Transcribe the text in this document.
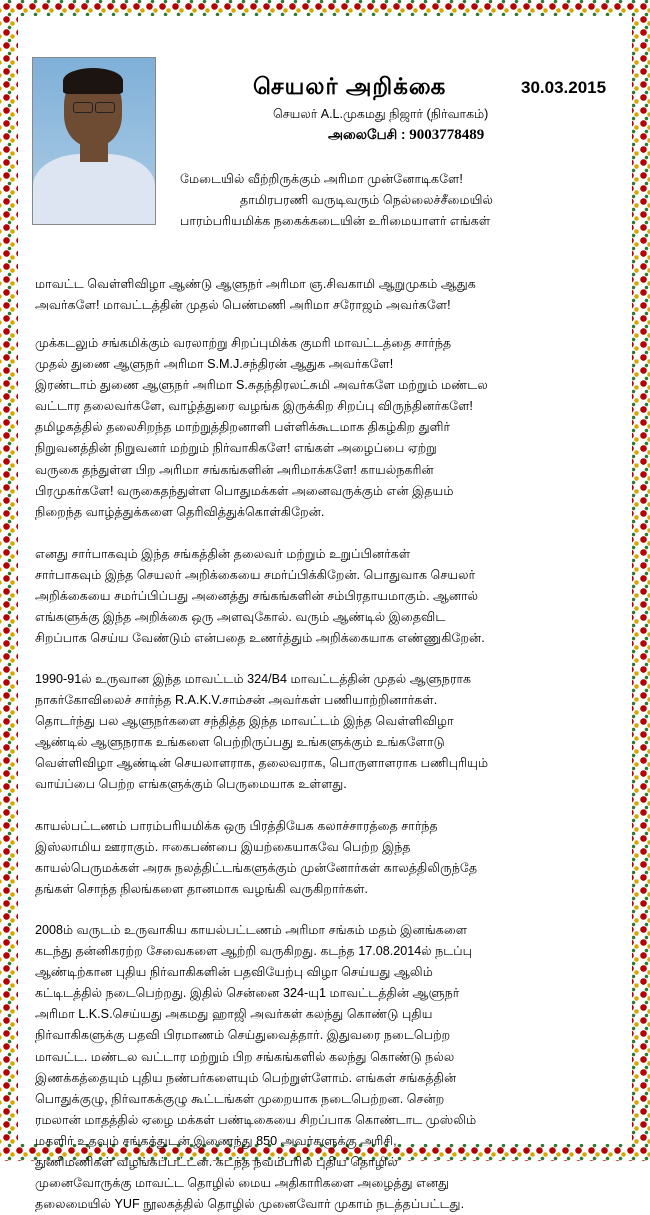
செயலர் அறிக்கை	30.03.2015
செயலர் A.L.முகமது நிஜார் (நிர்வாகம்)
அலைபேசி : 9003778489
மேடையில் வீற்றிருக்கும் அரிமா முன்னோடிகளே!
தாமிரபரணி வருடிவரும் நெல்லைச்சீமையில்
பாரம்பரியமிக்க நகைக்கடையின் உரிமையாளர் எங்கள்
மாவட்ட வெள்ளிவிழா ஆண்டு ஆளுநர் அரிமா ஞ.சிவகாமி ஆறுமுகம் ஆதுக
அவர்களே! மாவட்டத்தின் முதல் பெண்மணி அரிமா சரோஜம் அவர்களே!
முக்கடலும் சங்கமிக்கும் வரலாற்று சிறப்புமிக்க குமரி மாவட்டத்தை சார்ந்த
முதல் துணை ஆளுநர் அரிமா S.M.J.சந்திரன் ஆதுக அவர்களே!
இரண்டாம் துணை ஆளுநர் அரிமா S.சுதந்திரலட்சுமி அவர்களே மற்றும் மண்டல
வட்டார தலைவர்களே, வாழ்த்துரை வழங்க இருக்கிற சிறப்பு விருந்தினர்களே!
தமிழகத்தில் தலைசிறந்த மாற்றுத்திறனாளி பள்ளிக்கூடமாக திகழ்கிற துளிர்
நிறுவனத்தின் நிறுவனர் மற்றும் நிர்வாகிகளே! எங்கள் அழைப்பை ஏற்று
வருகை தந்துள்ள பிற அரிமா சங்கங்களின் அரிமாக்களே! காயல்நகரின்
பிரமுகர்களே! வருகைதந்துள்ள பொதுமக்கள் அனைவருக்கும் என் இதயம்
நிறைந்த வாழ்த்துக்களை தெரிவித்துக்கொள்கிறேன்.
எனது சார்பாகவும் இந்த சங்கத்தின் தலைவர் மற்றும் உறுப்பினர்கள்
சார்பாகவும் இந்த செயலர் அறிக்கையை சமர்ப்பிக்கிறேன். பொதுவாக செயலர்
அறிக்கையை சமர்ப்பிப்பது அனைத்து சங்கங்களின் சம்பிரதாயமாகும். ஆனால்
எங்களுக்கு இந்த அறிக்கை ஒரு அளவுகோல். வரும் ஆண்டில் இதைவிட
சிறப்பாக செய்ய வேண்டும் என்பதை உணர்த்தும் அறிக்கையாக எண்ணுகிறேன்.
1990-91ல் உருவான இந்த மாவட்டம் 324/B4 மாவட்டத்தின் முதல் ஆளுநராக
நாகர்கோவிலைச் சார்ந்த R.A.K.V.சாம்சன் அவர்கள் பணியாற்றினார்கள்.
தொடர்ந்து பல ஆளுநர்களை சந்தித்த இந்த மாவட்டம் இந்த வெள்ளிவிழா
ஆண்டில் ஆளுநராக உங்களை பெற்றிருப்பது உங்களுக்கும் உங்களோடு
வெள்ளிவிழா ஆண்டின் செயலாளராக, தலைவராக, பொருளாளராக பணிபுரியும்
வாய்ப்பை பெற்ற எங்களுக்கும் பெருமையாக உள்ளது.
காயல்பட்டணம் பாரம்பரியமிக்க ஒரு பிரத்தியேக கலாச்சாரத்தை சார்ந்த
இஸ்லாமிய ஊராகும். ஈகைபண்பை இயற்கையாகவே பெற்ற இந்த
காயல்பெருமக்கள் அரசு நலத்திட்டங்களுக்கும் முன்னோர்கள் காலத்திலிருந்தே
தங்கள் சொந்த நிலங்களை தானமாக வழங்கி வருகிறார்கள்.
2008ம் வருடம் உருவாகிய காயல்பட்டணம் அரிமா சங்கம் மதம் இனங்களை
கடந்து தன்னிகரற்ற சேவைகளை ஆற்றி வருகிறது. கடந்த 17.08.2014ல் நடப்பு
ஆண்டிற்கான புதிய நிர்வாகிகளின் பதவியேற்பு விழா செய்யது ஆலிம்
கட்டிடத்தில் நடைபெற்றது. இதில் சென்னை 324-யு1 மாவட்டத்தின் ஆளுநர்
அரிமா L.K.S.செய்யது அகமது ஹாஜி அவர்கள் கலந்து கொண்டு புதிய
நிர்வாகிகளுக்கு பதவி பிரமாணம் செய்துவைத்தார். இதுவரை நடைபெற்ற
மாவட்ட. மண்டல வட்டார மற்றும் பிற சங்கங்களில் கலந்து கொண்டு நல்ல
இணக்கத்தையும் புதிய நண்பர்களையும் பெற்றுள்ளோம். எங்கள் சங்கத்தின்
பொதுக்குழு, நிர்வாகக்குழு கூட்டங்கள் முறையாக நடைபெற்றன. சென்ற
ரமலான் மாதத்தில் ஏழை மக்கள் பண்டிகையை சிறப்பாக கொண்டாட முஸ்லிம்
மகளிர் உதவும் சங்கத்துடன் இணைந்து 850 அவர்களுக்கு அரிசி,
துணிமணிகள் வழங்கப்பட்டன. கடந்த நவம்பரில் புதிய தொழில்
முனைவோருக்கு மாவட்ட தொழில் மைய அதிகாரிகளை அழைத்து எனது
தலைமையில் YUF நூலகத்தில் தொழில் முனைவோர் முகாம் நடத்தப்பட்டது.
